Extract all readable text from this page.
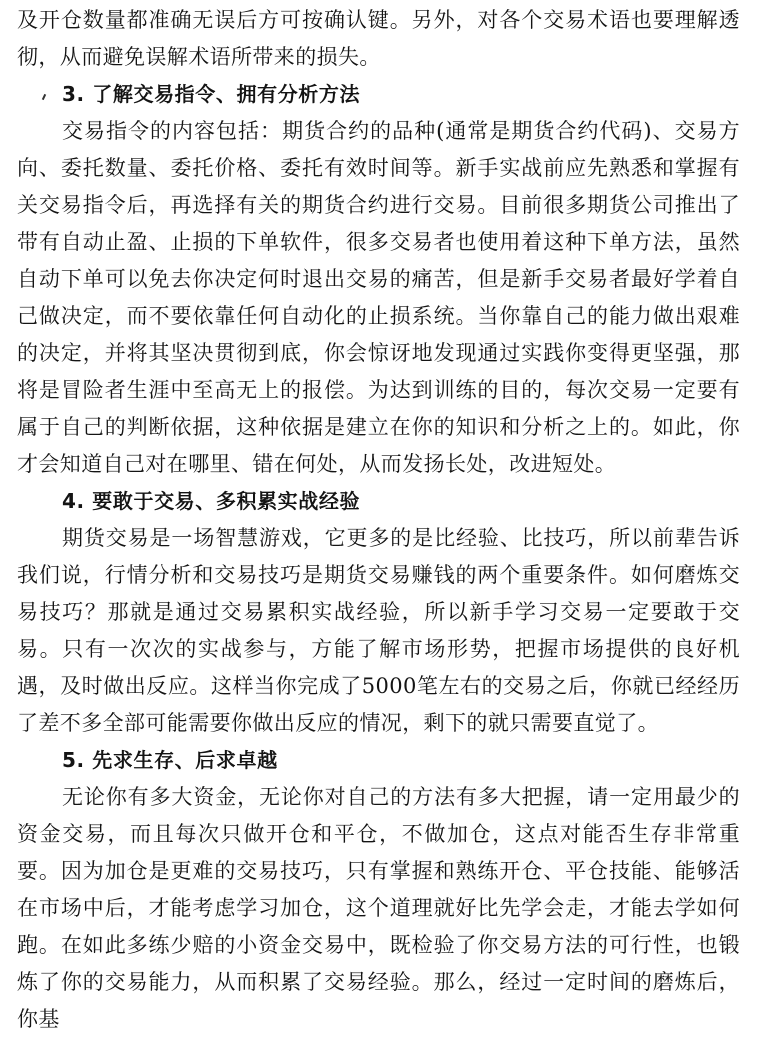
及开仓数量都准确无误后方可按确认键。另外，对各个交易术语也要理解透彻，从而避免误解术语所带来的损失。

3. 了解交易指令、拥有分析方法

交易指令的内容包括：期货合约的品种(通常是期货合约代码)、交易方向、委托数量、委托价格、委托有效时间等。新手实战前应先熟悉和掌握有关交易指令后，再选择有关的期货合约进行交易。目前很多期货公司推出了带有自动止盈、止损的下单软件，很多交易者也使用着这种下单方法，虽然自动下单可以免去你决定何时退出交易的痛苦，但是新手交易者最好学着自己做决定，而不要依靠任何自动化的止损系统。当你靠自己的能力做出艰难的决定，并将其坚决贯彻到底，你会惊讶地发现通过实践你变得更坚强，那将是冒险者生涯中至高无上的报偿。为达到训练的目的，每次交易一定要有属于自己的判断依据，这种依据是建立在你的知识和分析之上的。如此，你才会知道自己对在哪里、错在何处，从而发扬长处，改进短处。

4. 要敢于交易、多积累实战经验

期货交易是一场智慧游戏，它更多的是比经验、比技巧，所以前辈告诉我们说，行情分析和交易技巧是期货交易赚钱的两个重要条件。如何磨炼交易技巧？那就是通过交易累积实战经验，所以新手学习交易一定要敢于交易。只有一次次的实战参与，方能了解市场形势，把握市场提供的良好机遇，及时做出反应。这样当你完成了5000笔左右的交易之后，你就已经经历了差不多全部可能需要你做出反应的情况，剩下的就只需要直觉了。

5. 先求生存、后求卓越

无论你有多大资金，无论你对自己的方法有多大把握，请一定用最少的资金交易，而且每次只做开仓和平仓，不做加仓，这点对能否生存非常重要。因为加仓是更难的交易技巧，只有掌握和熟练开仓、平仓技能、能够活在市场中后，才能考虑学习加仓，这个道理就好比先学会走，才能去学如何跑。在如此多练少赔的小资金交易中，既检验了你交易方法的可行性，也锻炼了你的交易能力，从而积累了交易经验。那么，经过一定时间的磨炼后，你基
